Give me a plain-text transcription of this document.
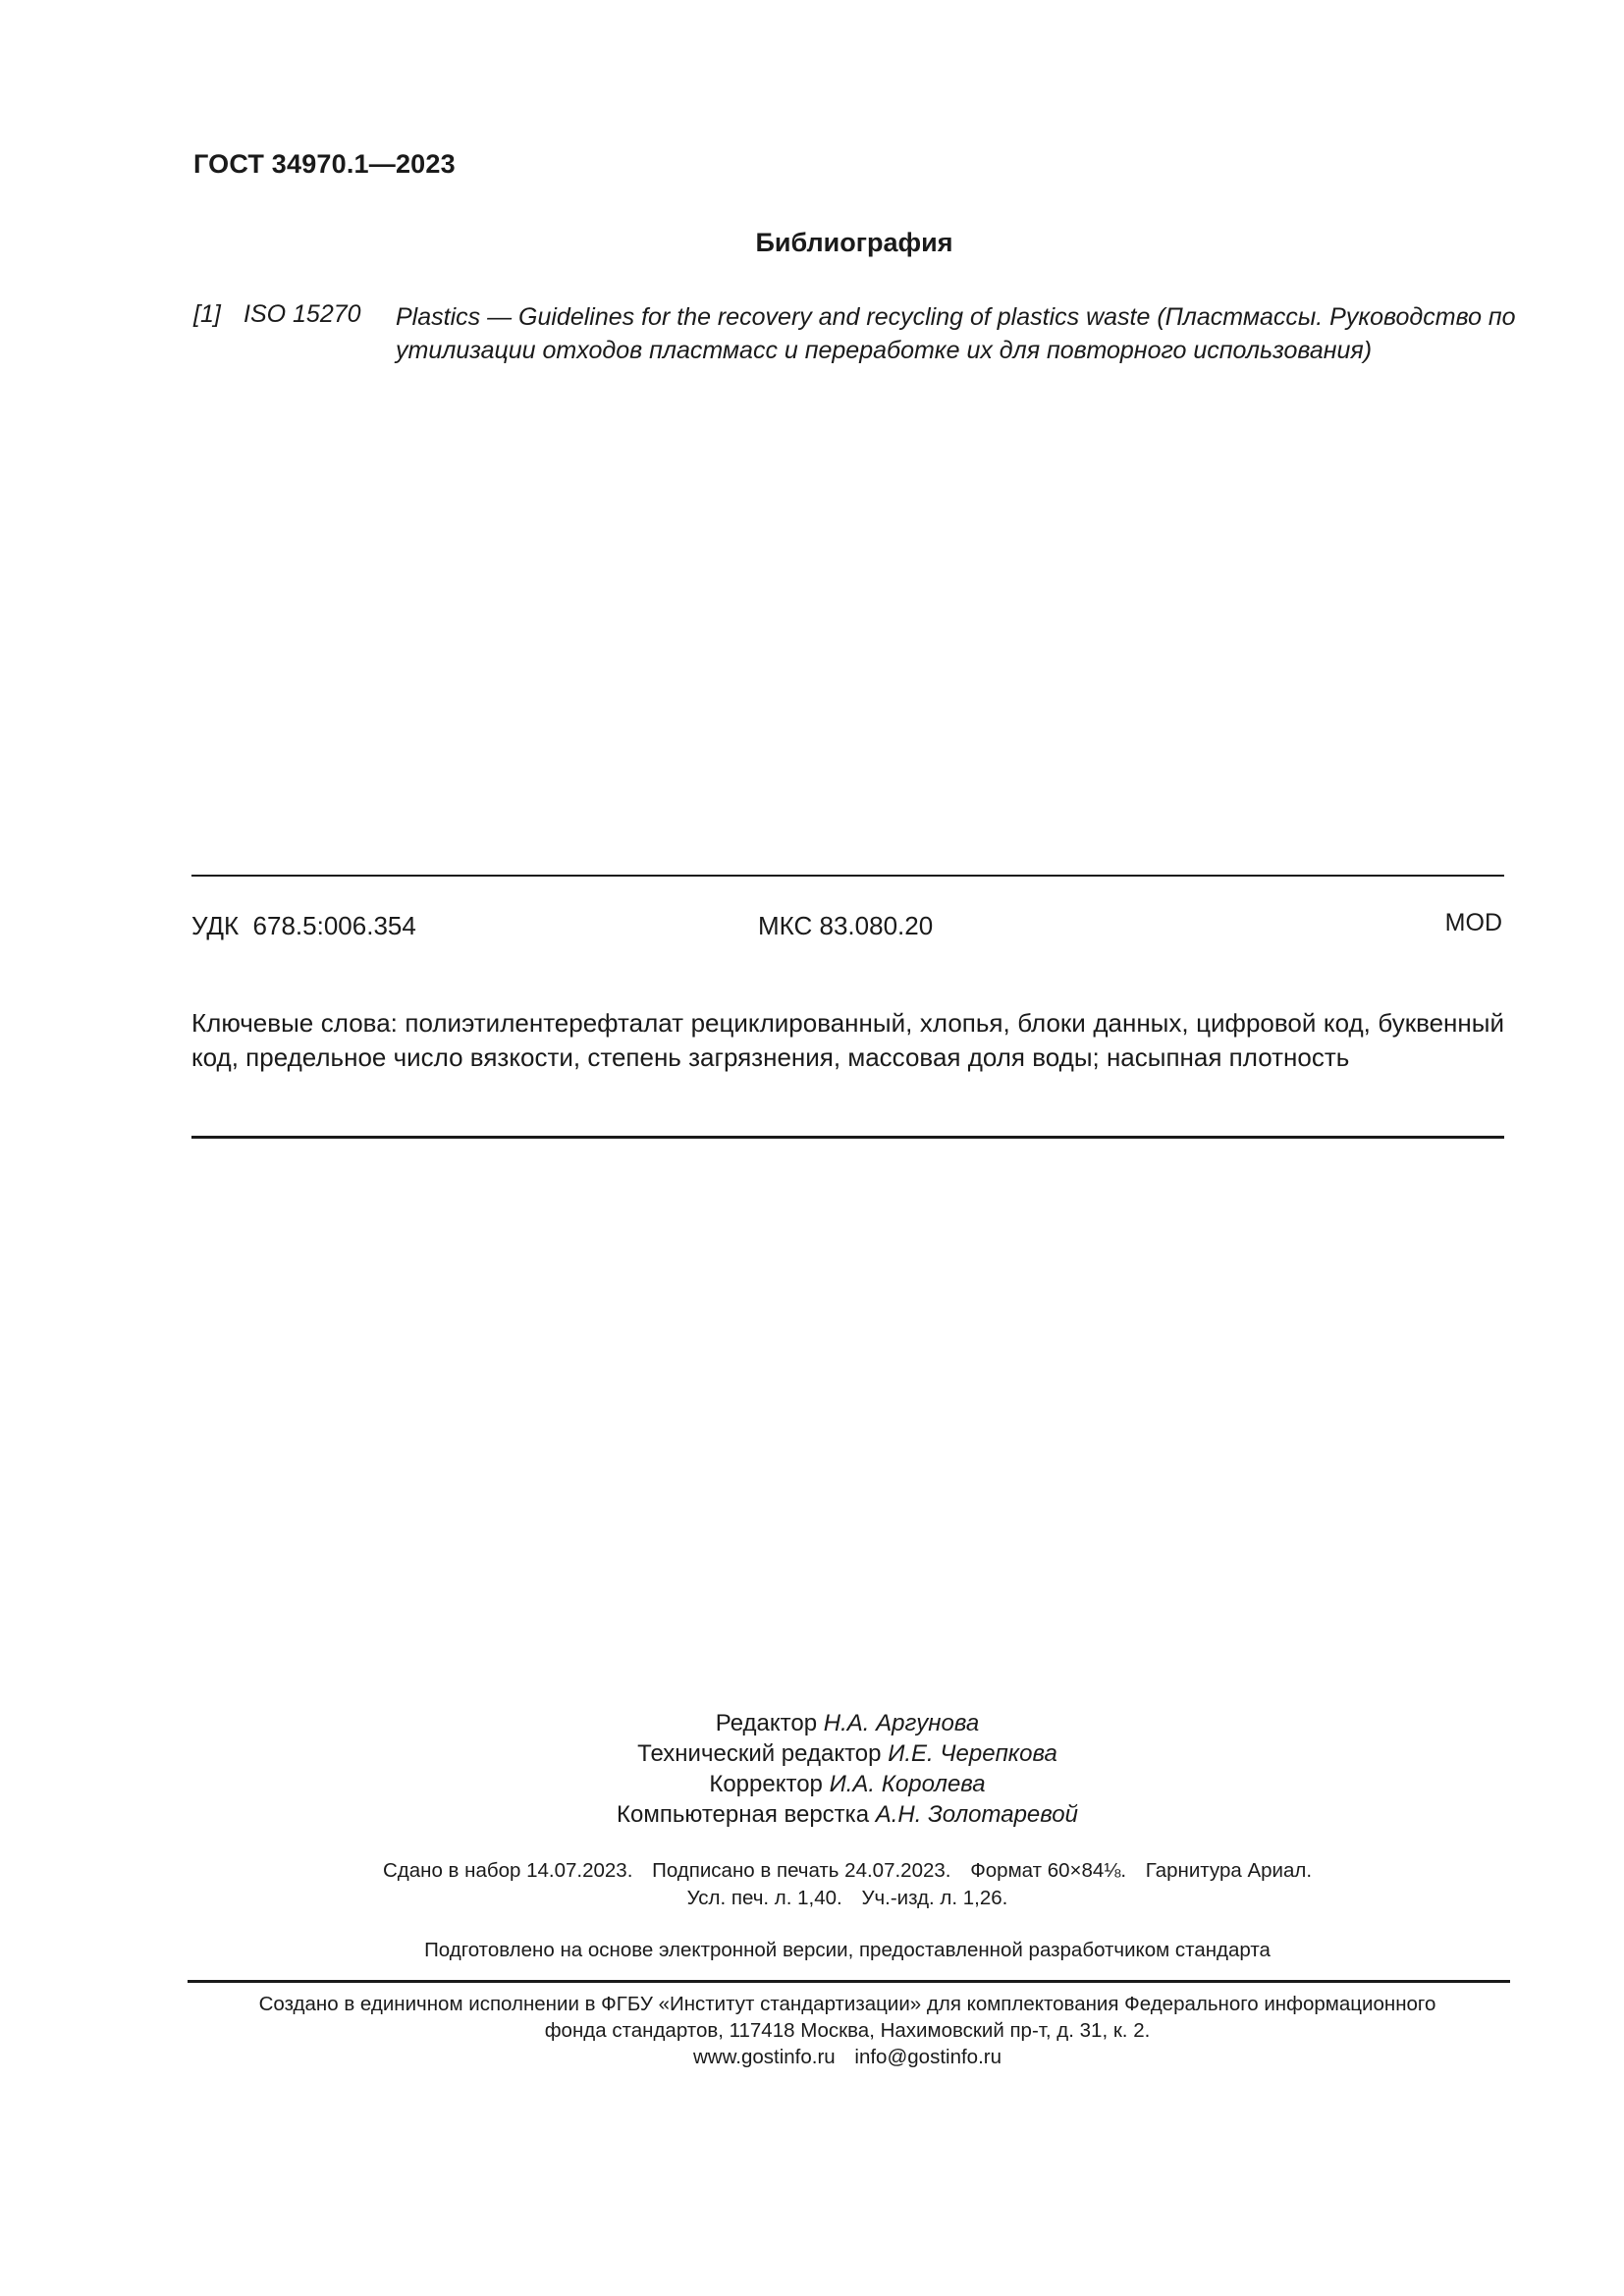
ГОСТ 34970.1—2023
Библиография
[1] ISO 15270 Plastics — Guidelines for the recovery and recycling of plastics waste (Пластмассы. Руководство по утилизации отходов пластмасс и переработке их для повторного использования)
УДК  678.5:006.354	МКС 83.080.20	MOD
Ключевые слова: полиэтилентерефталат рециклированный, хлопья, блоки данных, цифровой код, буквенный код, предельное число вязкости, степень загрязнения, массовая доля воды; насыпная плотность
Редактор Н.А. Аргунова
Технический редактор И.Е. Черепкова
Корректор И.А. Королева
Компьютерная верстка А.Н. Золотаревой
Сдано в набор 14.07.2023. Подписано в печать 24.07.2023. Формат 60×84⅛. Гарнитура Ариал.
Усл. печ. л. 1,40. Уч.-изд. л. 1,26.
Подготовлено на основе электронной версии, предоставленной разработчиком стандарта
Создано в единичном исполнении в ФГБУ «Институт стандартизации» для комплектования Федерального информационного
фонда стандартов, 117418 Москва, Нахимовский пр-т, д. 31, к. 2.
www.gostinfo.ru info@gostinfo.ru
